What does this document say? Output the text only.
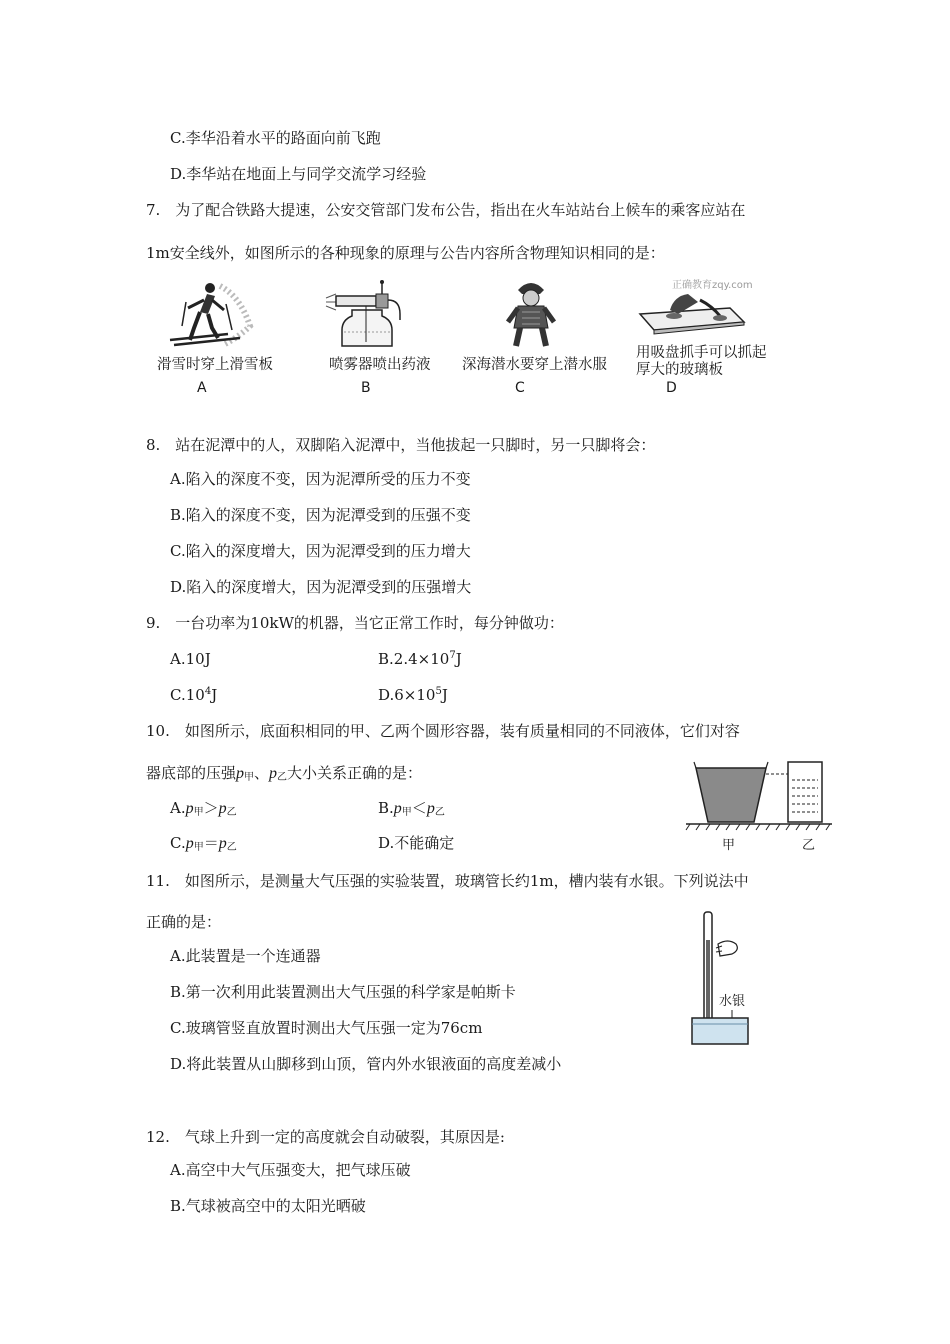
C.李华沿着水平的路面向前飞跑
D.李华站在地面上与同学交流学习经验
7.　为了配合铁路大提速，公安交管部门发布公告，指出在火车站站台上候车的乘客应站在
1m安全线外，如图所示的各种现象的原理与公告内容所含物理知识相同的是：
正确教育zqy.com
滑雪时穿上滑雪板
A
喷雾器喷出药液
B
深海潜水要穿上潜水服
C
用吸盘抓手可以抓起
厚大的玻璃板
D
8.　站在泥潭中的人，双脚陷入泥潭中，当他拔起一只脚时，另一只脚将会：
A.陷入的深度不变，因为泥潭所受的压力不变
B.陷入的深度不变，因为泥潭受到的压强不变
C.陷入的深度增大，因为泥潭受到的压力增大
D.陷入的深度增大，因为泥潭受到的压强增大
9.　一台功率为10kW的机器，当它正常工作时，每分钟做功：
A.10J	$B.2.4\times 10^7J$
$C.10^4J$	$D.6\times 10^5J$
10.　如图所示，底面积相同的甲、乙两个圆形容器，装有质量相同的不同液体，它们对容
器底部的压强$p_甲$、$p_乙$大小关系正确的是：
$A.p_甲>p_乙$	$B.p_甲<p_乙$
$C.p_甲=p_乙$	D.不能确定	甲	乙
11.　如图所示，是测量大气压强的实验装置，玻璃管长约1m，槽内装有水银。下列说法中
正确的是：
A.此装置是一个连通器
B.第一次利用此装置测出大气压强的科学家是帕斯卡
C.玻璃管竖直放置时测出大气压强一定为76cm
D.将此装置从山脚移到山顶，管内外水银液面的高度差减小
水银
12.　气球上升到一定的高度就会自动破裂，其原因是:
A.高空中大气压强变大，把气球压破
B.气球被高空中的太阳光晒破
